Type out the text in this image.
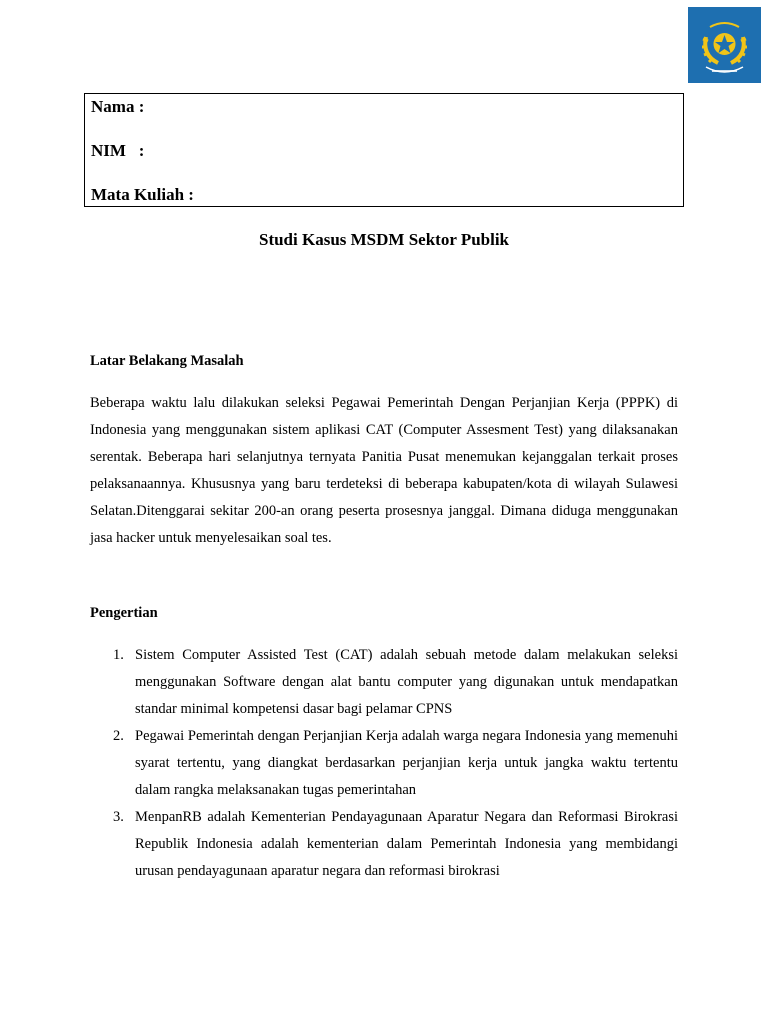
Nama :
NIM   :
Mata Kuliah :
Studi Kasus MSDM Sektor Publik
Latar Belakang Masalah
Beberapa waktu lalu dilakukan seleksi Pegawai Pemerintah Dengan Perjanjian Kerja (PPPK) di Indonesia yang menggunakan sistem aplikasi CAT (Computer Assesment Test) yang dilaksanakan serentak. Beberapa hari selanjutnya ternyata Panitia Pusat menemukan kejanggalan terkait proses pelaksanaannya. Khususnya yang baru terdeteksi di beberapa kabupaten/kota di wilayah Sulawesi Selatan.Ditenggarai sekitar 200-an orang peserta prosesnya janggal. Dimana diduga menggunakan jasa hacker untuk menyelesaikan soal tes.
Pengertian
1. Sistem Computer Assisted Test (CAT) adalah sebuah metode dalam melakukan seleksi menggunakan Software dengan alat bantu computer yang digunakan untuk mendapatkan standar minimal kompetensi dasar bagi pelamar CPNS
2. Pegawai Pemerintah dengan Perjanjian Kerja adalah warga negara Indonesia yang memenuhi syarat tertentu, yang diangkat berdasarkan perjanjian kerja untuk jangka waktu tertentu dalam rangka melaksanakan tugas pemerintahan
3. MenpanRB adalah Kementerian Pendayagunaan Aparatur Negara dan Reformasi Birokrasi Republik Indonesia adalah kementerian dalam Pemerintah Indonesia yang membidangi urusan pendayagunaan aparatur negara dan reformasi birokrasi
